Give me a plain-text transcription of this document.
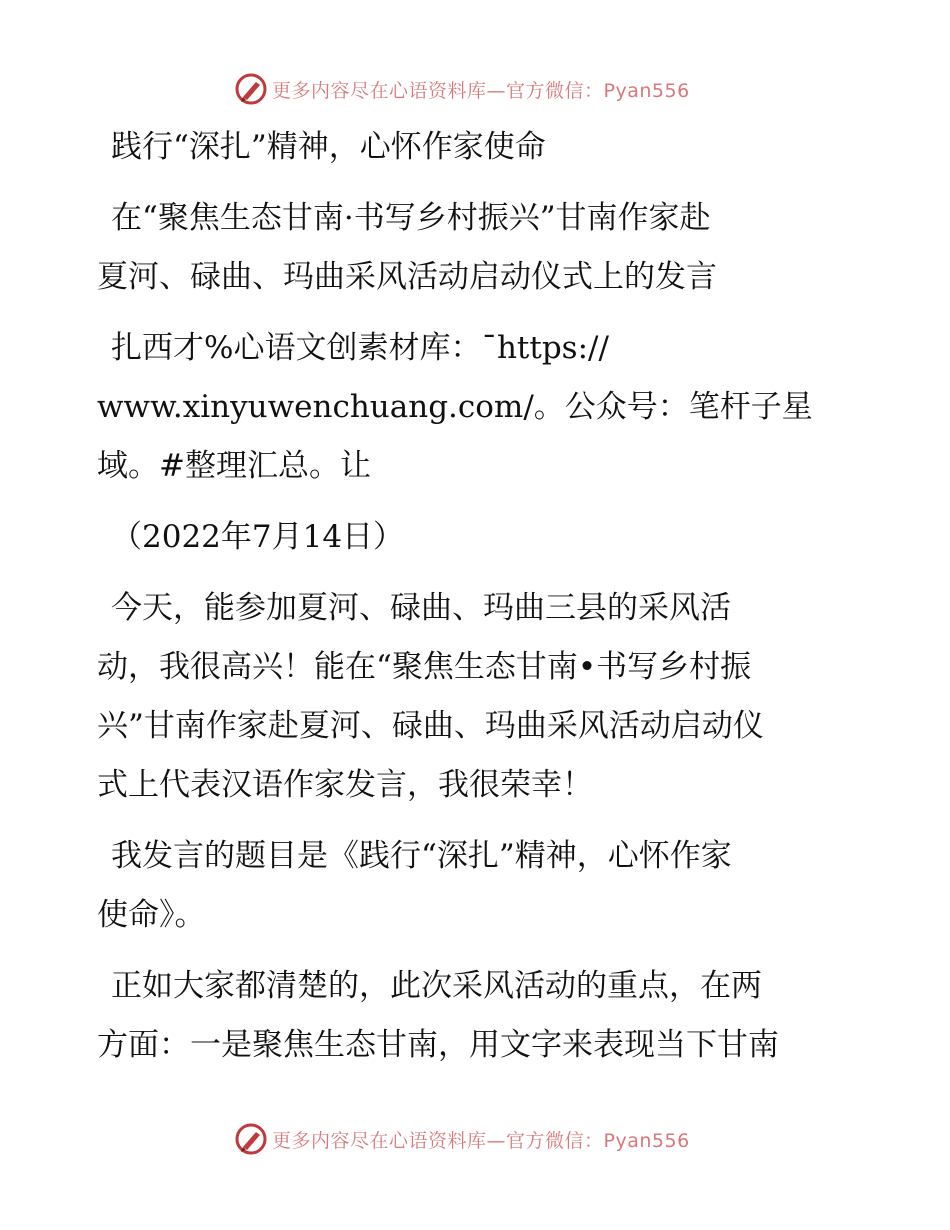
更多内容尽在心语资料库—官方微信：Pyan556
践行“深扎”精神，心怀作家使命
在“聚焦生态甘南·书写乡村振兴”甘南作家赴
夏河、碌曲、玛曲采风活动启动仪式上的发言
扎西才%心语文创素材库：¯https://
www.xinyuwenchuang.com/。公众号：笔杆子星
域。#整理汇总。让
（2022年7月14日）
今天，能参加夏河、碌曲、玛曲三县的采风活
动，我很高兴！能在“聚焦生态甘南•书写乡村振
兴”甘南作家赴夏河、碌曲、玛曲采风活动启动仪
式上代表汉语作家发言，我很荣幸！
我发言的题目是《践行“深扎”精神，心怀作家
使命》。
正如大家都清楚的，此次采风活动的重点，在两
方面：一是聚焦生态甘南，用文字来表现当下甘南
更多内容尽在心语资料库—官方微信：Pyan556
